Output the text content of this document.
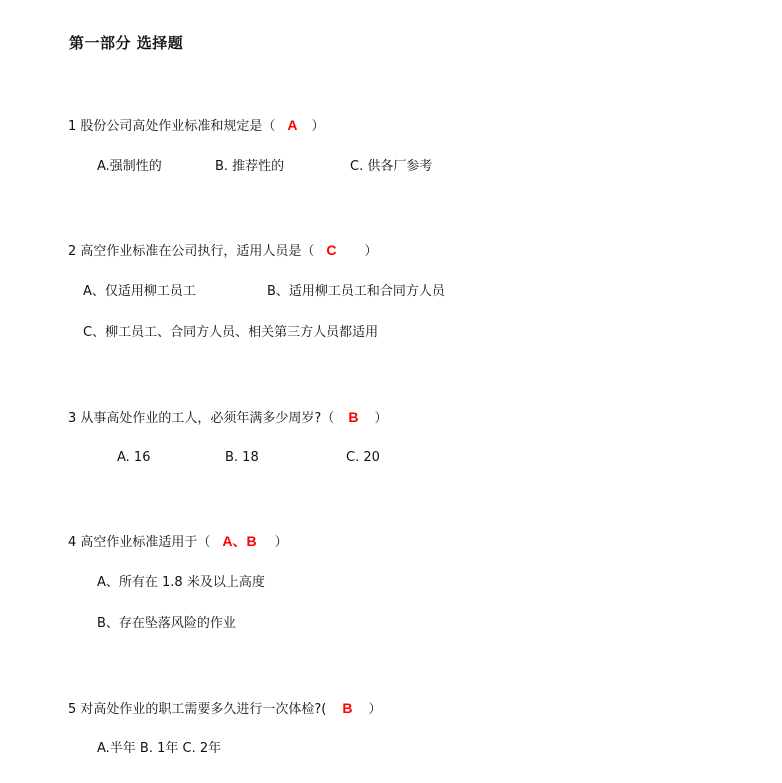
第一部分 选择题
1 股份公司高处作业标准和规定是（ A ）
A.强制性的	B. 推荐性的	C. 供各厂参考
2 高空作业标准在公司执行，适用人员是（ C ）
A、仅适用柳工员工	B、适用柳工员工和合同方人员
C、柳工员工、合同方人员、相关第三方人员都适用
3 从事高处作业的工人，必须年满多少周岁?（ B ）
A. 16	B. 18	C. 20
4 高空作业标准适用于（ A、B ）
A、所有在 1.8 米及以上高度
B、存在坠落风险的作业
5 对高处作业的职工需要多久进行一次体检?( B ）
A.半年 B. 1年 C. 2年
